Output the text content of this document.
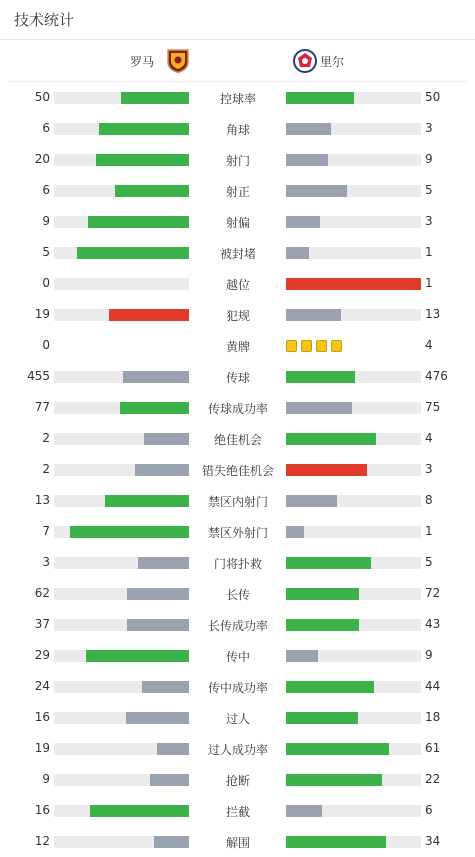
技术统计
罗马	里尔
50	控球率	50
6	角球	3
20	射门	9
6	射正	5
9	射偏	3
5	被封堵	1
0	越位	1
19	犯规	13
0	黄牌	4
455	传球	476
77	传球成功率	75
2	绝佳机会	4
2	错失绝佳机会	3
13	禁区内射门	8
7	禁区外射门	1
3	门将扑救	5
62	长传	72
37	长传成功率	43
29	传中	9
24	传中成功率	44
16	过人	18
19	过人成功率	61
9	抢断	22
16	拦截	6
12	解围	34
